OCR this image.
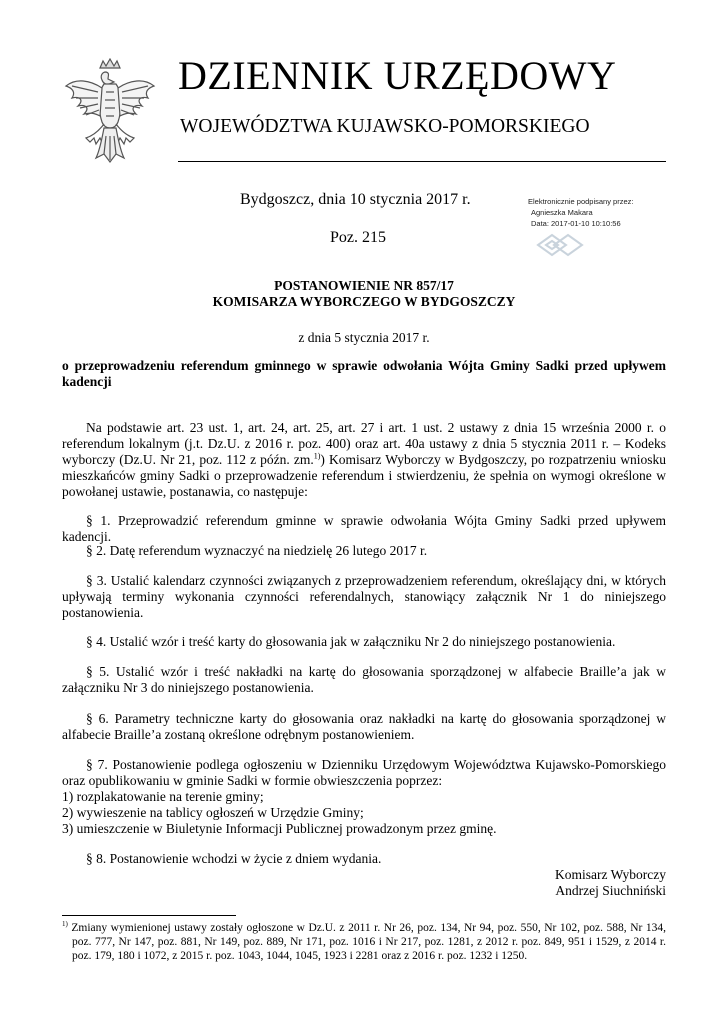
DZIENNIK URZĘDOWY
WOJEWÓDZTWA KUJAWSKO-POMORSKIEGO
Bydgoszcz, dnia 10 stycznia 2017 r.
Poz. 215
Elektronicznie podpisany przez:
Agnieszka Makara
Data: 2017-01-10 10:10:56
POSTANOWIENIE NR 857/17
KOMISARZA WYBORCZEGO W BYDGOSZCZY
z dnia 5 stycznia 2017 r.
o przeprowadzeniu referendum gminnego w sprawie odwołania Wójta Gminy Sadki przed upływem kadencji
Na podstawie art. 23 ust. 1, art. 24, art. 25, art. 27 i art. 1 ust. 2 ustawy z dnia 15 września 2000 r. o referendum lokalnym (j.t. Dz.U. z 2016 r. poz. 400) oraz art. 40a ustawy z dnia 5 stycznia 2011 r. – Kodeks wyborczy (Dz.U. Nr 21, poz. 112 z późn. zm.$^{1)}$) Komisarz Wyborczy w Bydgoszczy, po rozpatrzeniu wniosku mieszkańców gminy Sadki o przeprowadzenie referendum i stwierdzeniu, że spełnia on wymogi określone w powołanej ustawie, postanawia, co następuje:
§ 1. Przeprowadzić referendum gminne w sprawie odwołania Wójta Gminy Sadki przed upływem kadencji.
§ 2. Datę referendum wyznaczyć na niedzielę 26 lutego 2017 r.
§ 3. Ustalić kalendarz czynności związanych z przeprowadzeniem referendum, określający dni, w których upływają terminy wykonania czynności referendalnych, stanowiący załącznik Nr 1 do niniejszego postanowienia.
§ 4. Ustalić wzór i treść karty do głosowania jak w załączniku Nr 2 do niniejszego postanowienia.
§ 5. Ustalić wzór i treść nakładki na kartę do głosowania sporządzonej w alfabecie Braille’a jak w załączniku Nr 3 do niniejszego postanowienia.
§ 6. Parametry techniczne karty do głosowania oraz nakładki na kartę do głosowania sporządzonej w alfabecie Braille’a zostaną określone odrębnym postanowieniem.
§ 7. Postanowienie podlega ogłoszeniu w Dzienniku Urzędowym Województwa Kujawsko-Pomorskiego oraz opublikowaniu w gminie Sadki w formie obwieszczenia poprzez:
1) rozplakatowanie na terenie gminy;
2) wywieszenie na tablicy ogłoszeń w Urzędzie Gminy;
3) umieszczenie w Biuletynie Informacji Publicznej prowadzonym przez gminę.
§ 8. Postanowienie wchodzi w życie z dniem wydania.
Komisarz Wyborczy
Andrzej Siuchniński
$^{1)}$ Zmiany wymienionej ustawy zostały ogłoszone w Dz.U. z 2011 r. Nr 26, poz. 134, Nr 94, poz. 550, Nr 102, poz. 588, Nr 134, poz. 777, Nr 147, poz. 881, Nr 149, poz. 889, Nr 171, poz. 1016 i Nr 217, poz. 1281, z 2012 r. poz. 849, 951 i 1529, z 2014 r. poz. 179, 180 i 1072, z 2015 r. poz. 1043, 1044, 1045, 1923 i 2281 oraz z 2016 r. poz. 1232 i 1250.
